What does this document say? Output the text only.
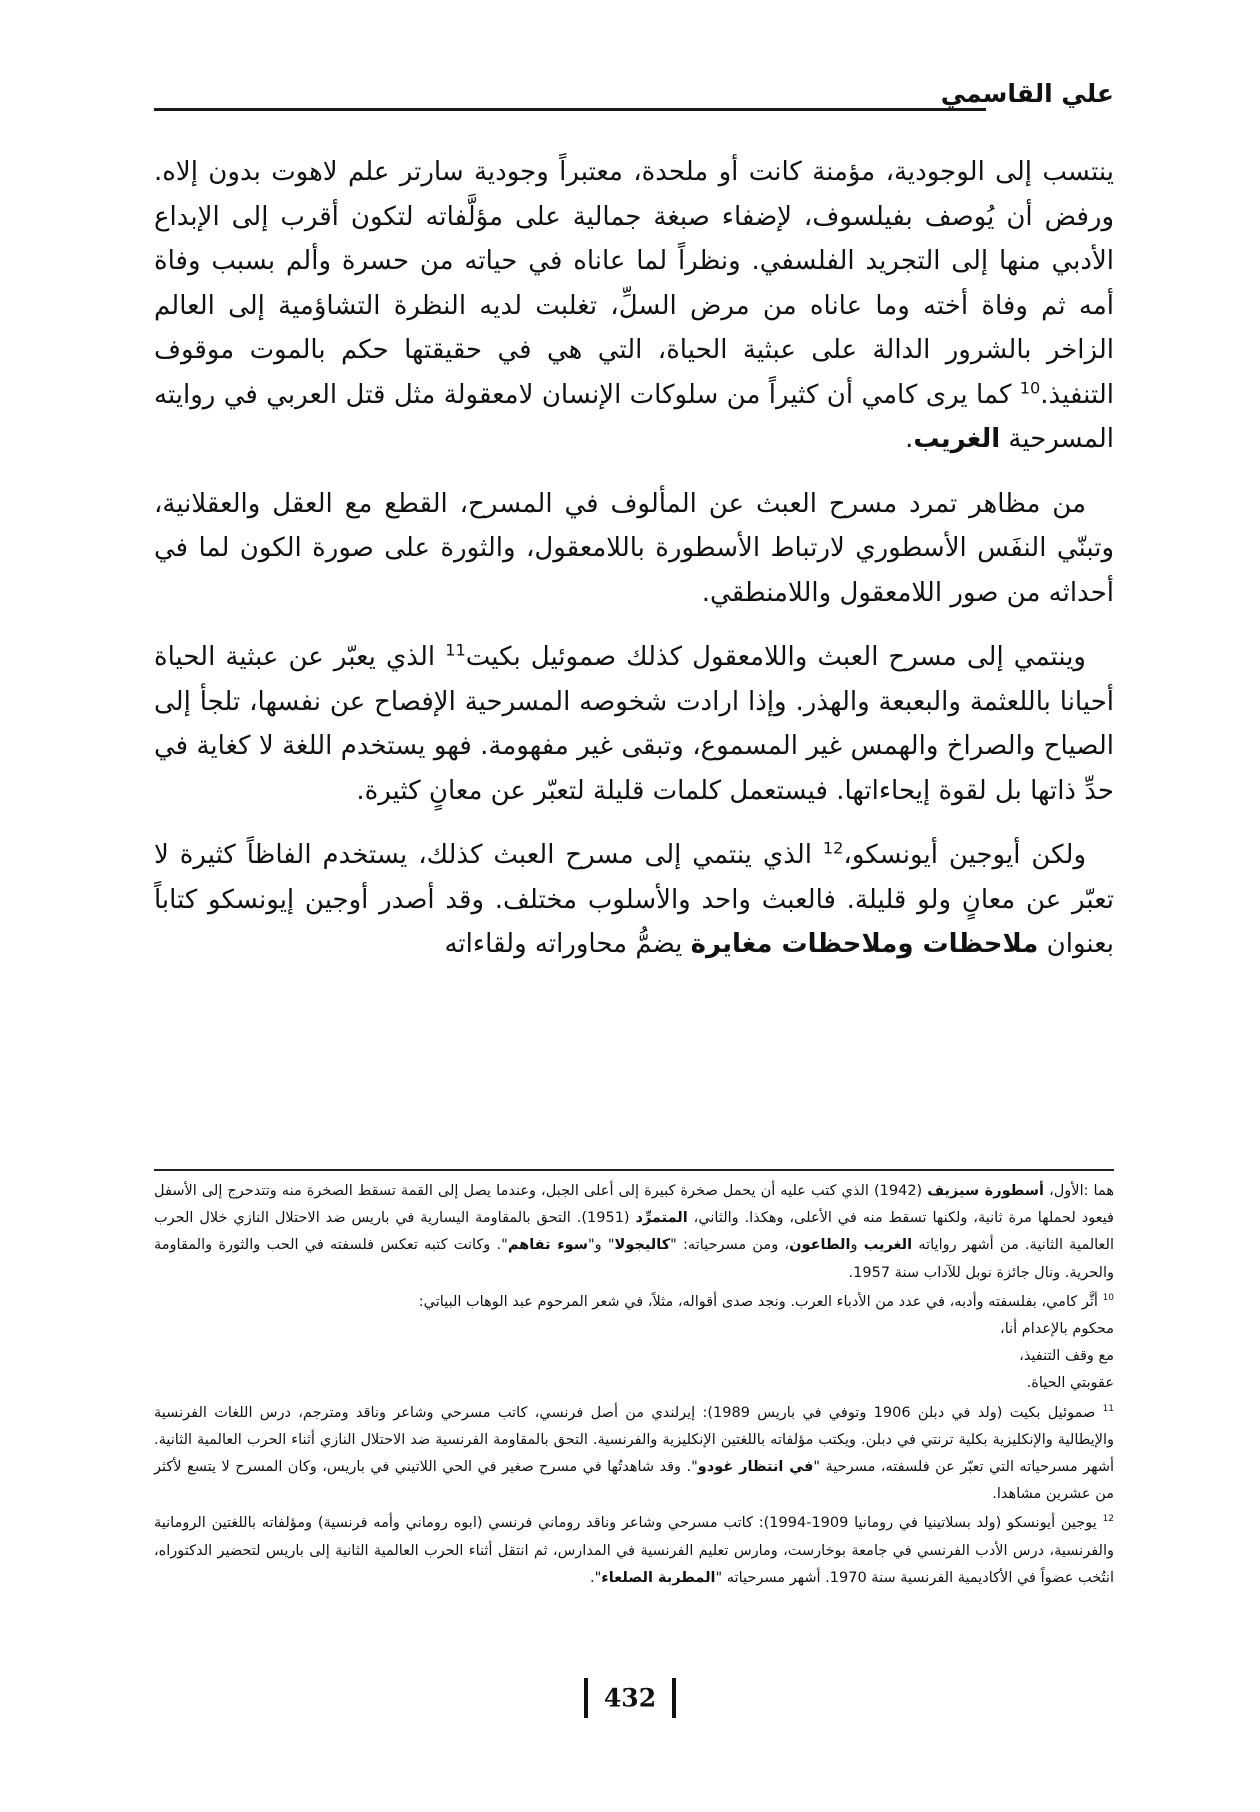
علي القاسمي

ينتسب إلى الوجودية، مؤمنة كانت أو ملحدة، معتبراً وجودية سارتر علم لاهوت بدون إلاه. ورفض أن يُوصف بفيلسوف، لإضفاء صبغة جمالية على مؤلَّفاته لتكون أقرب إلى الإبداع الأدبي منها إلى التجريد الفلسفي. ونظراً لما عاناه في حياته من حسرة وألم بسبب وفاة أمه ثم وفاة أخته وما عاناه من مرض السلِّ، تغلبت لديه النظرة التشاؤمية إلى العالم الزاخر بالشرور الدالة على عبثية الحياة، التي هي في حقيقتها حكم بالموت موقوف التنفيذ.$^{10}$ كما يرى كامي أن كثيراً من سلوكات الإنسان لامعقولة مثل قتل العربي في روايته المسرحية الغريب.

من مظاهر تمرد مسرح العبث عن المألوف في المسرح، القطع مع العقل والعقلانية، وتبنّي النفَس الأسطوري لارتباط الأسطورة باللامعقول، والثورة على صورة الكون لما في أحداثه من صور اللامعقول واللامنطقي.

وينتمي إلى مسرح العبث واللامعقول كذلك صموئيل بكيت$^{11}$ الذي يعبّر عن عبثية الحياة أحيانا باللعثمة والبعبعة والهذر. وإذا ارادت شخوصه المسرحية الإفصاح عن نفسها، تلجأ إلى الصياح والصراخ والهمس غير المسموع، وتبقى غير مفهومة. فهو يستخدم اللغة لا كغاية في حدِّ ذاتها بل لقوة إيحاءاتها. فيستعمل كلمات قليلة لتعبّر عن معانٍ كثيرة.

ولكن أيوجين أيونسكو،$^{12}$ الذي ينتمي إلى مسرح العبث كذلك، يستخدم الفاظاً كثيرة لا تعبّر عن معانٍ ولو قليلة. فالعبث واحد والأسلوب مختلف. وقد أصدر أوجين إيونسكو كتاباً بعنوان ملاحظات وملاحظات مغايرة يضمُّ محاوراته ولقاءاته

هما :الأول، أسطورة سيزيف (1942) الذي كتب عليه أن يحمل صخرة كبيرة إلى أعلى الجبل، وعندما يصل إلى القمة تسقط الصخرة منه وتتدحرج إلى الأسفل فيعود لحملها مرة ثانية، ولكنها تسقط منه في الأعلى، وهكذا. والثاني، المتمرِّد (1951). التحق بالمقاومة اليسارية في باريس ضد الاحتلال النازي خلال الحرب العالمية الثانية. من أشهر رواياته الغريب والطاعون، ومن مسرحياته: "كاليجولا" و"سوء تفاهم". وكانت كتبه تعكس فلسفته في الحب والثورة والمقاومة والحرية. ونال جائزة نوبل للآداب سنة 1957.

$^{10}$ أثَّر كامي، بفلسفته وأدبه، في عدد من الأدباء العرب. ونجد صدى أقواله، مثلاً، في شعر المرحوم عبد الوهاب البياتي:

محكوم بالإعدام أنا،

مع وقف التنفيذ،

عقوبتي الحياة.

$^{11}$ صموئيل بكيت (ولد في دبلن 1906 وتوفي في باريس 1989): إيرلندي من أصل فرنسي، كاتب مسرحي وشاعر وناقد ومترجم، درس اللغات الفرنسية والإيطالية والإنكليزية بكلية ترنتي في دبلن. ويكتب مؤلفاته باللغتين الإنكليزية والفرنسية. التحق بالمقاومة الفرنسية ضد الاحتلال النازي أثناء الحرب العالمية الثانية. أشهر مسرحياته التي تعبّر عن فلسفته، مسرحية "في انتظار غودو". وقد شاهدتُها في مسرح صغير في الحي اللاتيني في باريس، وكان المسرح لا يتسع لأكثر من عشرين مشاهدا.

$^{12}$ يوجين أيونسكو (ولد بسلاتينيا في رومانيا 1909-1994): كاتب مسرحي وشاعر وناقد روماني فرنسي (ابوه روماني وأمه فرنسية) ومؤلفاته باللغتين الرومانية والفرنسية، درس الأدب الفرنسي في جامعة بوخارست، ومارس تعليم الفرنسية في المدارس، ثم انتقل أثناء الحرب العالمية الثانية إلى باريس لتحضير الدكتوراه، انتُخب عضواً في الأكاديمية الفرنسية سنة 1970. أشهر مسرحياته "المطربة الصلعاء".

432
